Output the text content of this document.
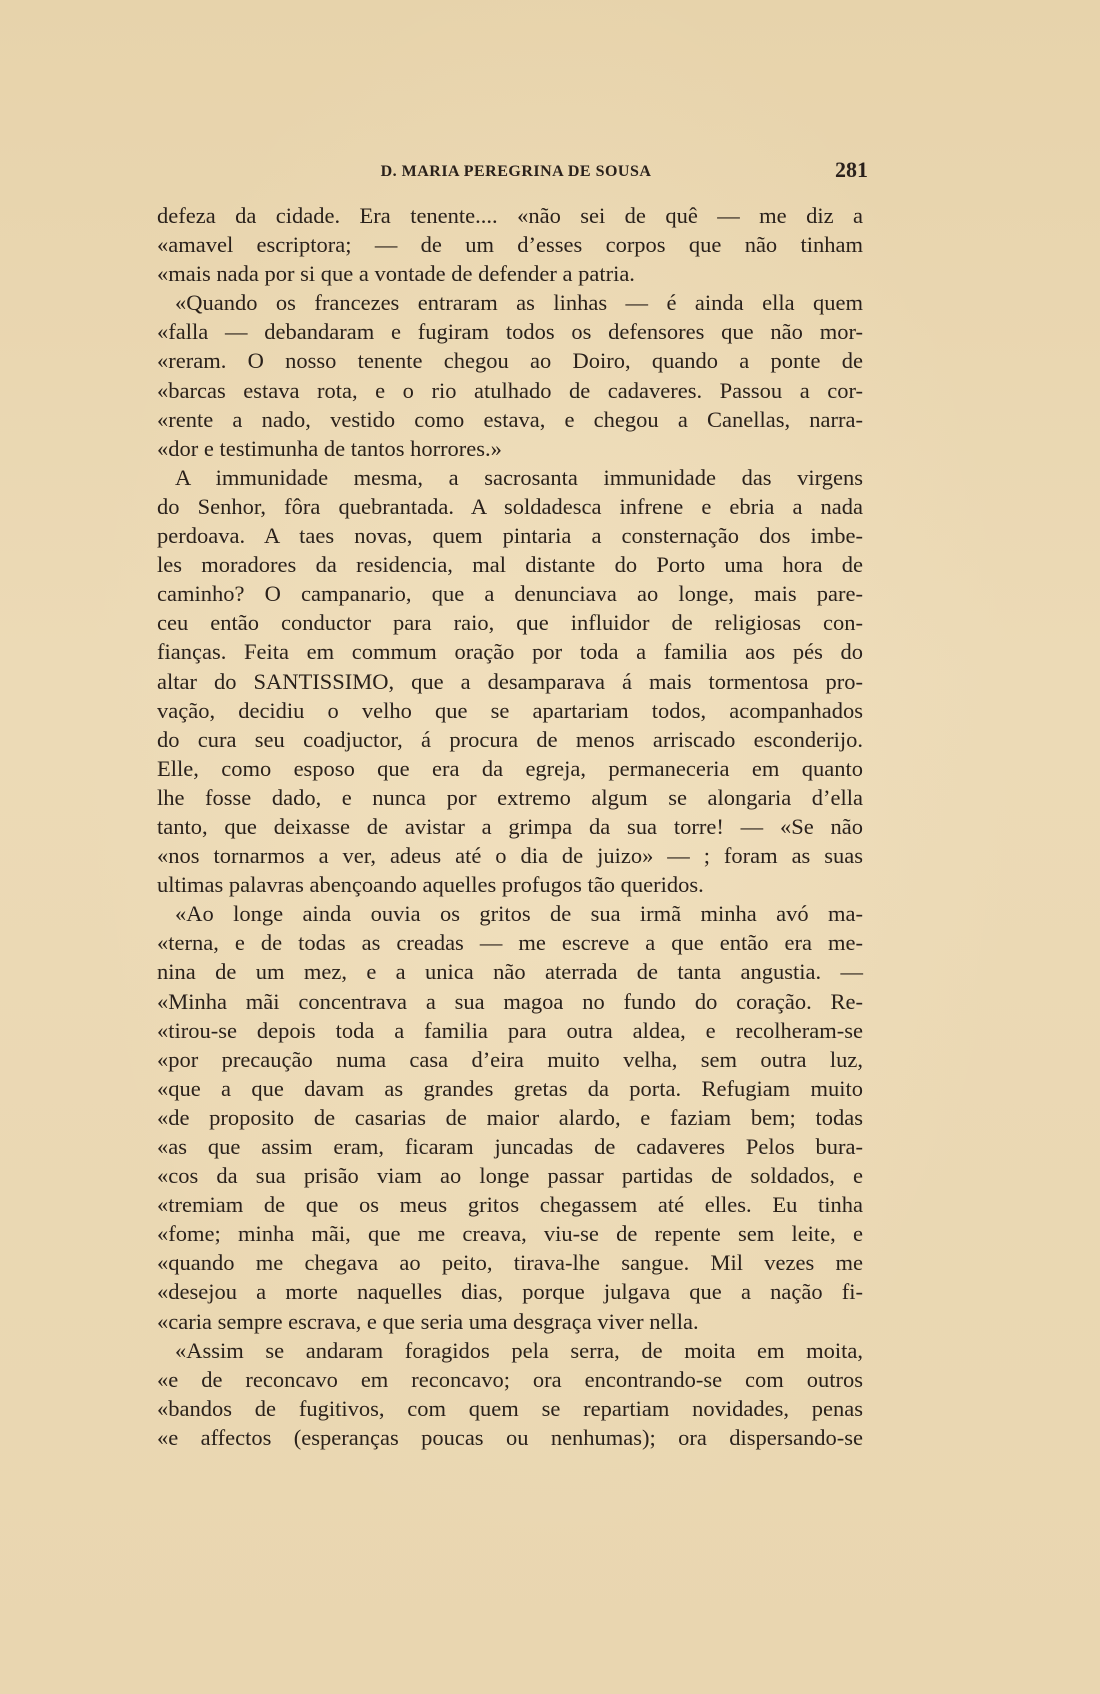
D. MARIA PEREGRINA DE SOUSA	281
defeza da cidade. Era tenente.... «não sei de quê — me diz a
«amavel escriptora; — de um d’esses corpos que não tinham
«mais nada por si que a vontade de defender a patria.
«Quando os francezes entraram as linhas — é ainda ella quem
«falla — debandaram e fugiram todos os defensores que não mor-
«reram. O nosso tenente chegou ao Doiro, quando a ponte de
«barcas estava rota, e o rio atulhado de cadaveres. Passou a cor-
«rente a nado, vestido como estava, e chegou a Canellas, narra-
«dor e testimunha de tantos horrores.»
A immunidade mesma, a sacrosanta immunidade das virgens
do Senhor, fôra quebrantada. A soldadesca infrene e ebria a nada
perdoava. A taes novas, quem pintaria a consternação dos imbe-
les moradores da residencia, mal distante do Porto uma hora de
caminho? O campanario, que a denunciava ao longe, mais pare-
ceu então conductor para raio, que influidor de religiosas con-
fianças. Feita em commum oração por toda a familia aos pés do
altar do SANTISSIMO, que a desamparava á mais tormentosa pro-
vação, decidiu o velho que se apartariam todos, acompanhados
do cura seu coadjuctor, á procura de menos arriscado esconderijo.
Elle, como esposo que era da egreja, permaneceria em quanto
lhe fosse dado, e nunca por extremo algum se alongaria d’ella
tanto, que deixasse de avistar a grimpa da sua torre! — «Se não
«nos tornarmos a ver, adeus até o dia de juizo» — ; foram as suas
ultimas palavras abençoando aquelles profugos tão queridos.
«Ao longe ainda ouvia os gritos de sua irmã minha avó ma-
«terna, e de todas as creadas — me escreve a que então era me-
nina de um mez, e a unica não aterrada de tanta angustia. —
«Minha mãi concentrava a sua magoa no fundo do coração. Re-
«tirou-se depois toda a familia para outra aldea, e recolheram-se
«por precaução numa casa d’eira muito velha, sem outra luz,
«que a que davam as grandes gretas da porta. Refugiam muito
«de proposito de casarias de maior alardo, e faziam bem; todas
«as que assim eram, ficaram juncadas de cadaveres Pelos bura-
«cos da sua prisão viam ao longe passar partidas de soldados, e
«tremiam de que os meus gritos chegassem até elles. Eu tinha
«fome; minha mãi, que me creava, viu-se de repente sem leite, e
«quando me chegava ao peito, tirava-lhe sangue. Mil vezes me
«desejou a morte naquelles dias, porque julgava que a nação fi-
«caria sempre escrava, e que seria uma desgraça viver nella.
«Assim se andaram foragidos pela serra, de moita em moita,
«e de reconcavo em reconcavo; ora encontrando-se com outros
«bandos de fugitivos, com quem se repartiam novidades, penas
«e affectos (esperanças poucas ou nenhumas); ora dispersando-se
